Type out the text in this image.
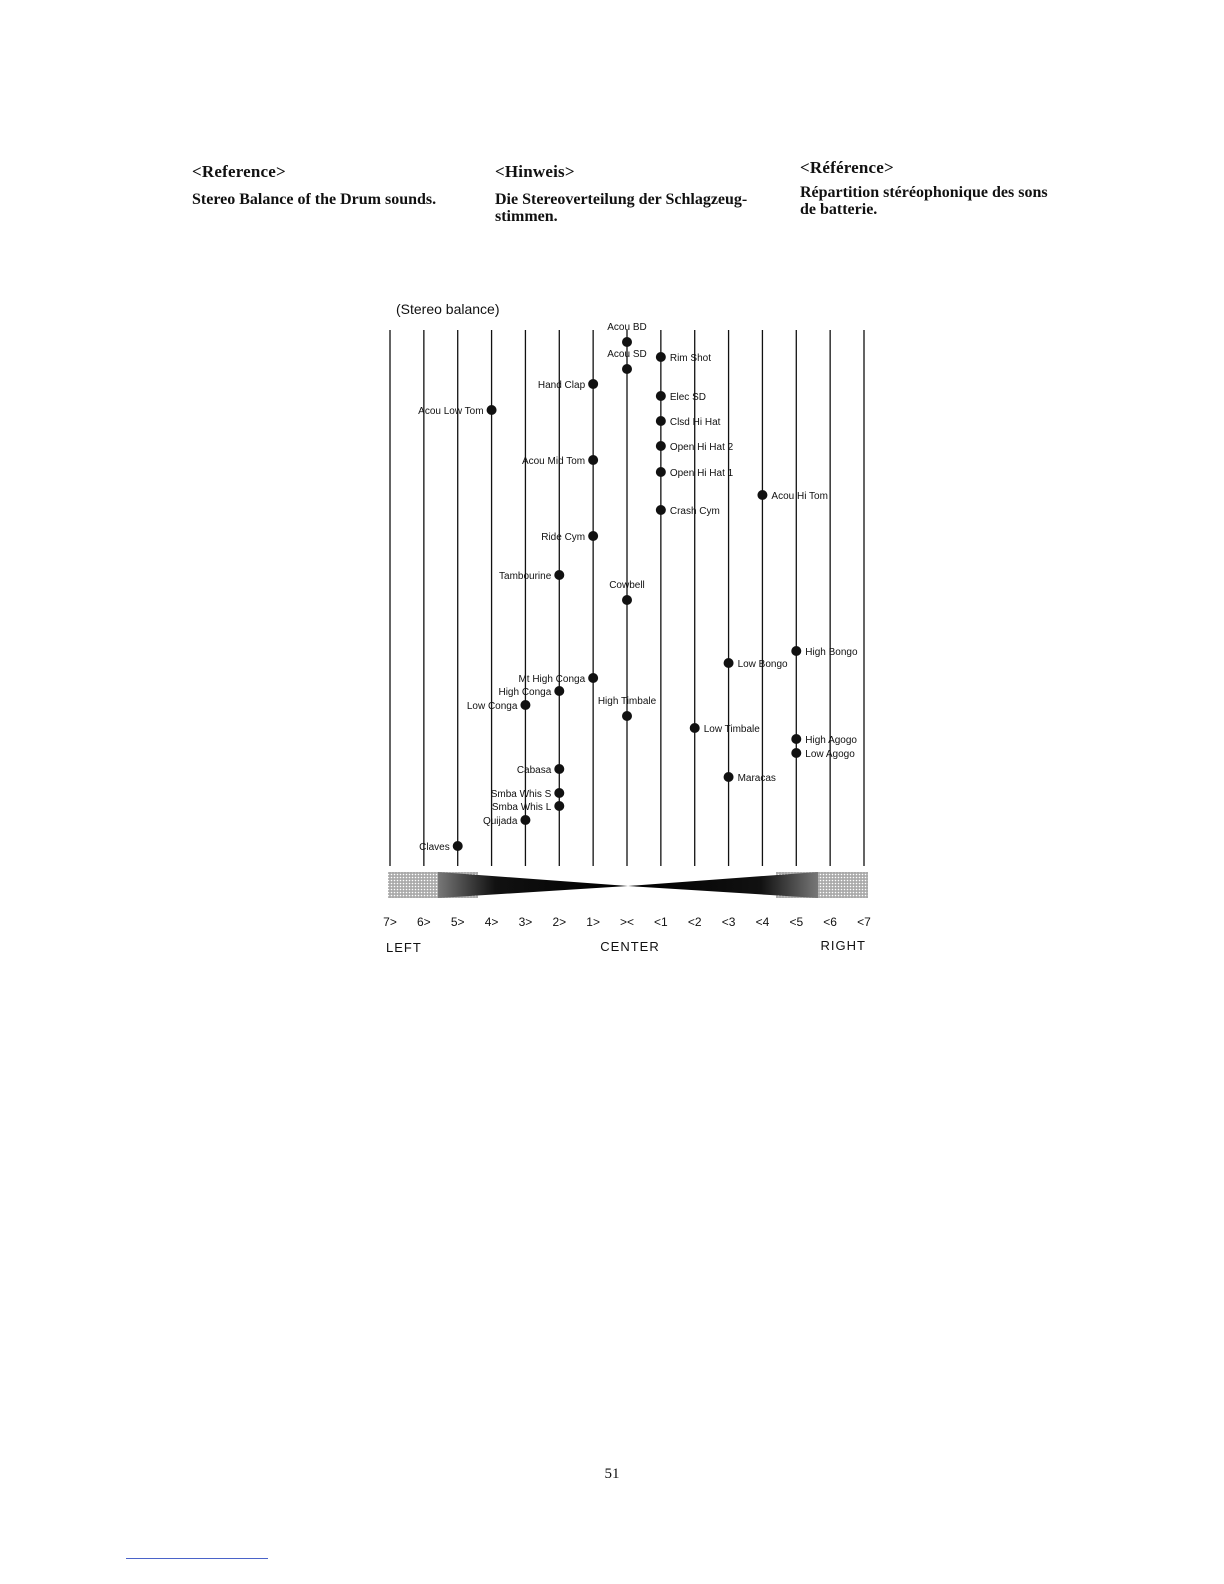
<Reference>

Stereo Balance of the Drum sounds.

<Hinweis>

Die Stereoverteilung der Schlagzeug-

stimmen.

<Référence>

Répartition stéréophonique des sons

de batterie.

(Stereo balance)
7> 6> 5> 4> 3> 2> 1> >< <1 <2 <3 <4 <5 <6 <7
LEFT	CENTER	RIGHT
Acou BD
Acou SD Rim Shot
Hand Clap
Acou Low Tom
Elec SD
Clsd Hi Hat
Open Hi Hat 2
Acou Mid Tom
Open Hi Hat 1
Acou Hi Tom
Crash Cym
Ride Cym
Tambourine
Cowbell
High Bongo
Low Bongo
Mt High Conga
High Conga
Low Conga	High Timbale
Low Timbale
High Agogo
Low Agogo
Cabasa
Maracas
Smba Whis S
Smba Whis L
Quijada
Claves
51
